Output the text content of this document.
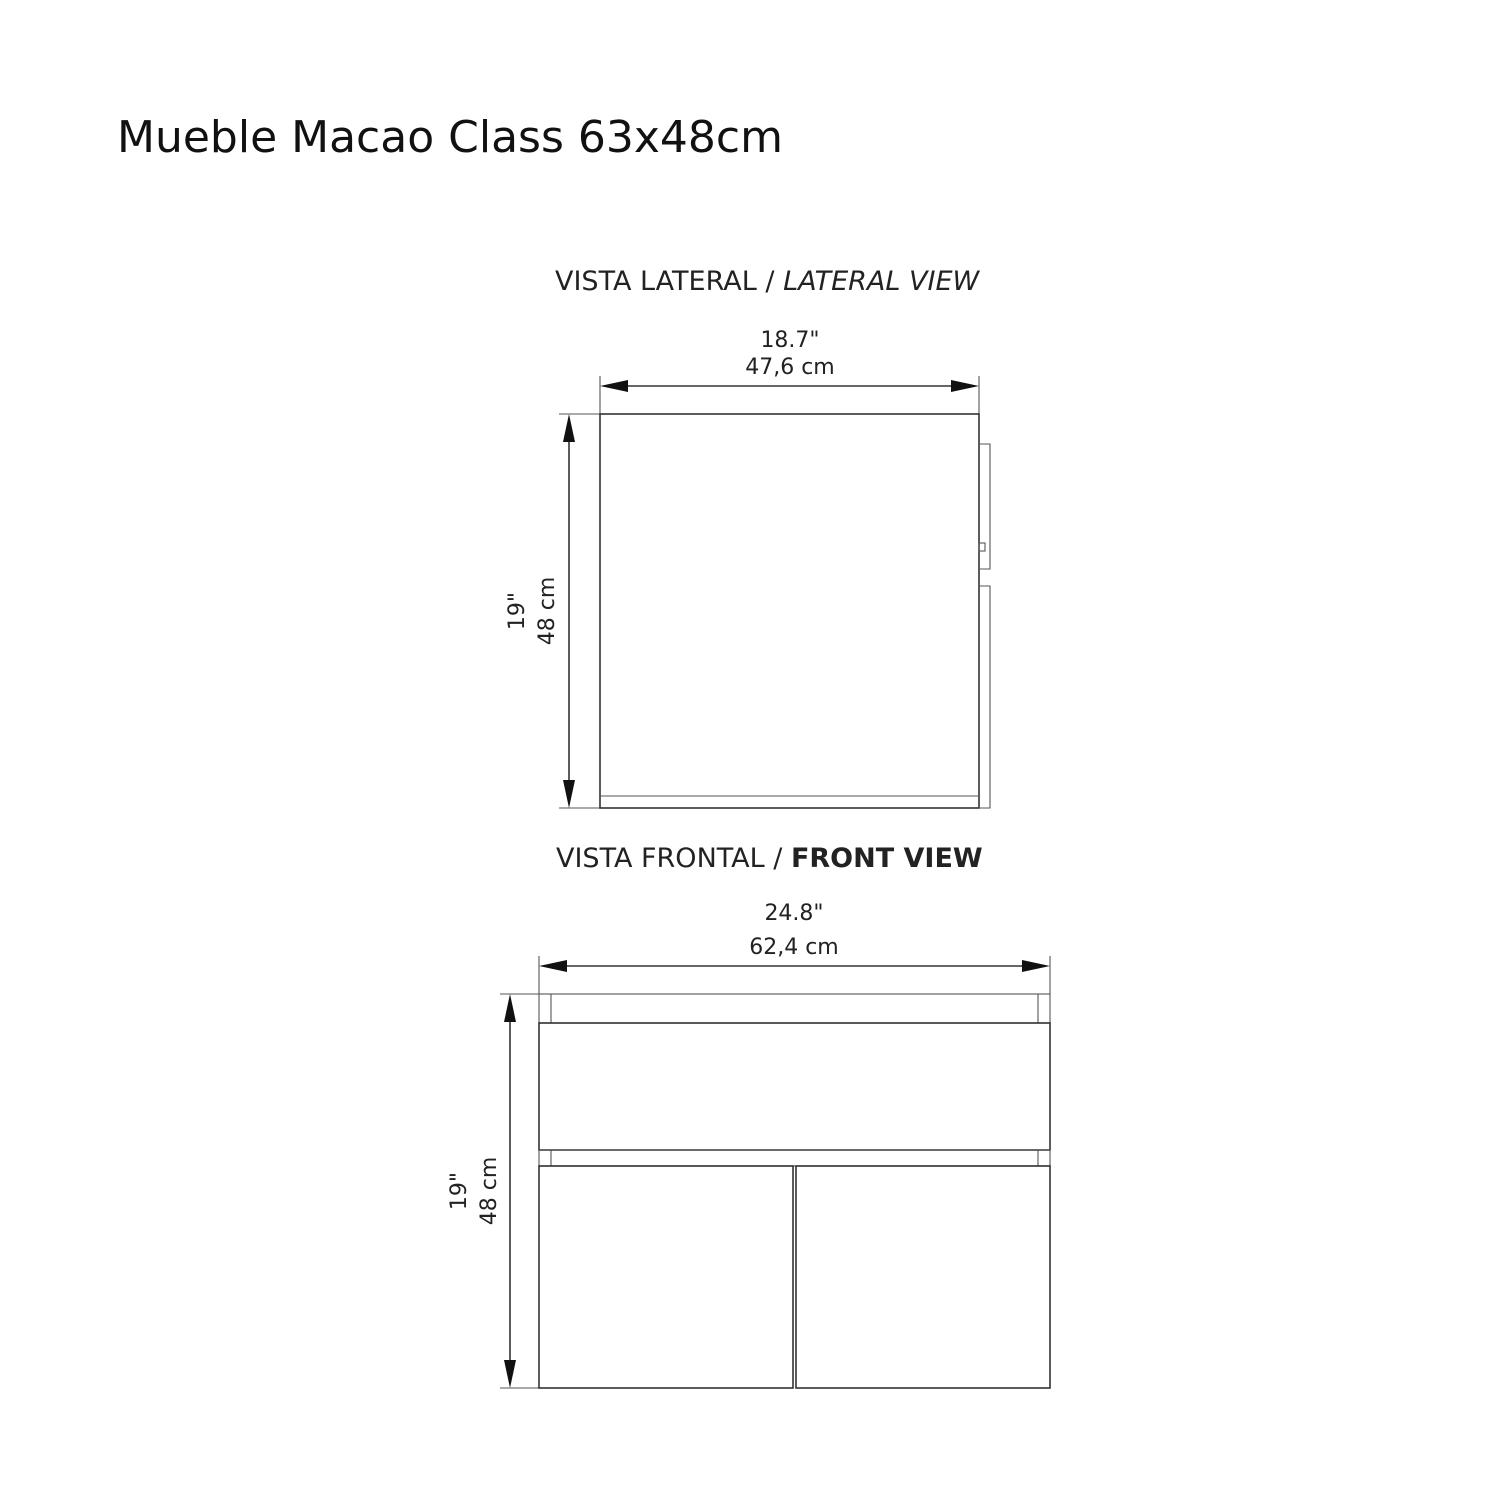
Mueble Macao Class 63x48cm
VISTA LATERAL / LATERAL VIEW
18.7"
47,6 cm
19" 48 cm
VISTA FRONTAL / FRONT VIEW
24.8"
62,4 cm
19" 48 cm
